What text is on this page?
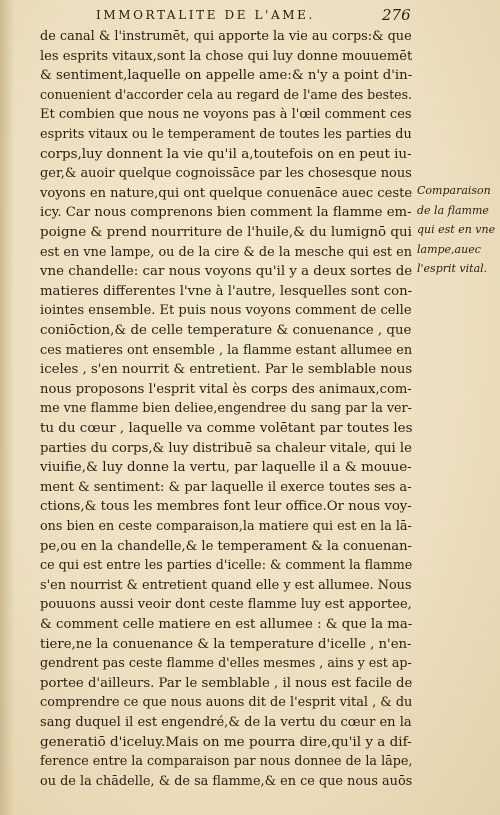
IMMORTALITE DE L'AME.	276
de canal & l'instrumēt, qui apporte la vie au corps:& que
les esprits vitaux,sont la chose qui luy donne mouuemēt
& sentiment,laquelle on appelle ame:& n'y a point d'in-
conuenient d'accorder cela au regard de l'ame des bestes.
Et combien que nous ne voyons pas à l'œil comment ces
esprits vitaux ou le temperament de toutes les parties du
corps,luy donnent la vie qu'il a,toutefois on en peut iu-
ger,& auoir quelque cognoissāce par les chosesque nous
voyons en nature,qui ont quelque conuenāce auec ceste
icy. Car nous comprenons bien comment la flamme em-
poigne & prend nourriture de l'huile,& du lumignō qui
est en vne lampe, ou de la cire & de la mesche qui est en
vne chandelle: car nous voyons qu'il y a deux sortes de
matieres differentes l'vne à l'autre, lesquelles sont con-
iointes ensemble. Et puis nous voyons comment de celle
coniōction,& de celle temperature & conuenance , que
ces matieres ont ensemble , la flamme estant allumee en
iceles , s'en nourrit & entretient. Par le semblable nous
nous proposons l'esprit vital ès corps des animaux,com-
me vne flamme bien deliee,engendree du sang par la ver-
tu du cœur , laquelle va comme volētant par toutes les
parties du corps,& luy distribuē sa chaleur vitale, qui le
viuifie,& luy donne la vertu, par laquelle il a & mouue-
ment & sentiment: & par laquelle il exerce toutes ses a-
ctions,& tous les membres font leur office.Or nous voy-
ons bien en ceste comparaison,la matiere qui est en la lā-
pe,ou en la chandelle,& le temperament & la conuenan-
ce qui est entre les parties d'icelle: & comment la flamme
s'en nourrist & entretient quand elle y est allumee. Nous
pouuons aussi veoir dont ceste flamme luy est apportee,
& comment celle matiere en est allumee : & que la ma-
tiere,ne la conuenance & la temperature d'icelle , n'en-
gendrent pas ceste flamme d'elles mesmes , ains y est ap-
portee d'ailleurs. Par le semblable , il nous est facile de
comprendre ce que nous auons dit de l'esprit vital , & du
sang duquel il est engendré,& de la vertu du cœur en la
generatiō d'iceluy.Mais on me pourra dire,qu'il y a dif-
ference entre la comparaison par nous donnee de la lāpe,
ou de la chādelle, & de sa flamme,& en ce que nous auōs
Comparaison
de la flamme
qui est en vne
lampe,auec
l'esprit vital.
